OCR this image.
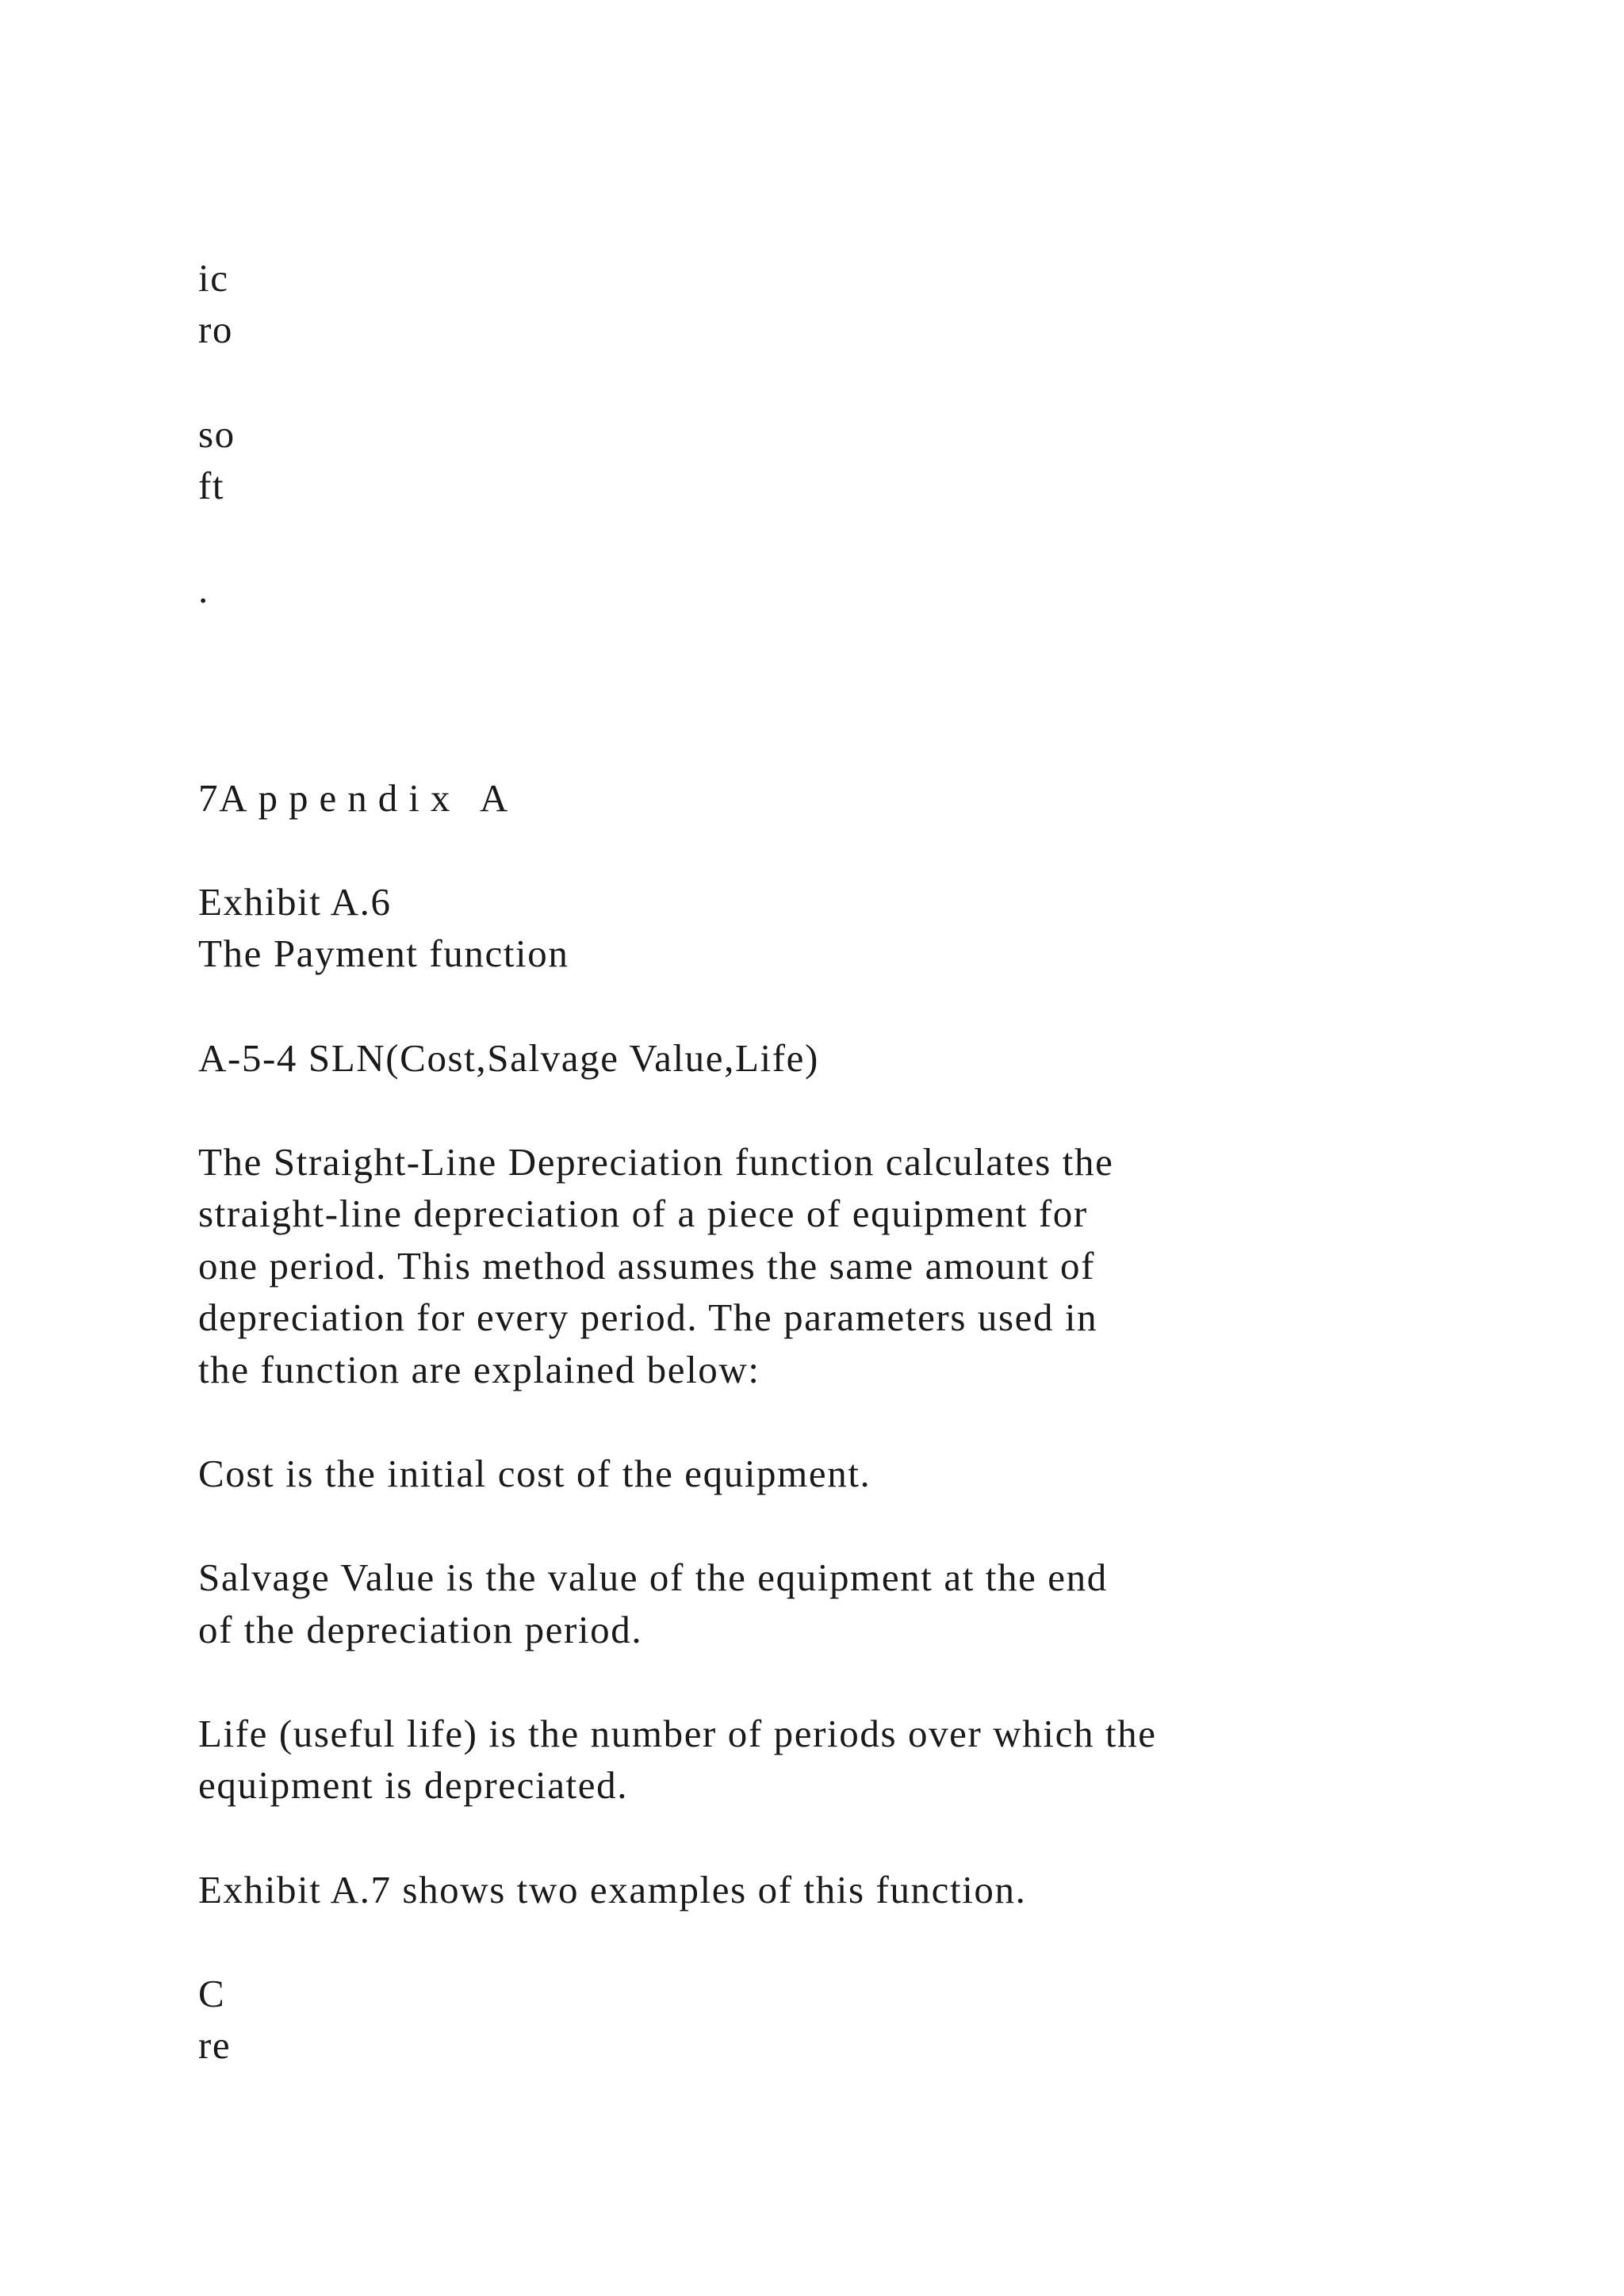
ic
ro
so
ft
.
7Appendix A
Exhibit A.6
The Payment function
A-5-4 SLN(Cost,Salvage Value,Life)
The Straight-Line Depreciation function calculates the
straight-line depreciation of a piece of equipment for
one period. This method assumes the same amount of
depreciation for every period. The parameters used in
the function are explained below:
Cost is the initial cost of the equipment.
Salvage Value is the value of the equipment at the end
of the depreciation period.
Life (useful life) is the number of periods over which the
equipment is depreciated.
Exhibit A.7 shows two examples of this function.
C
re
